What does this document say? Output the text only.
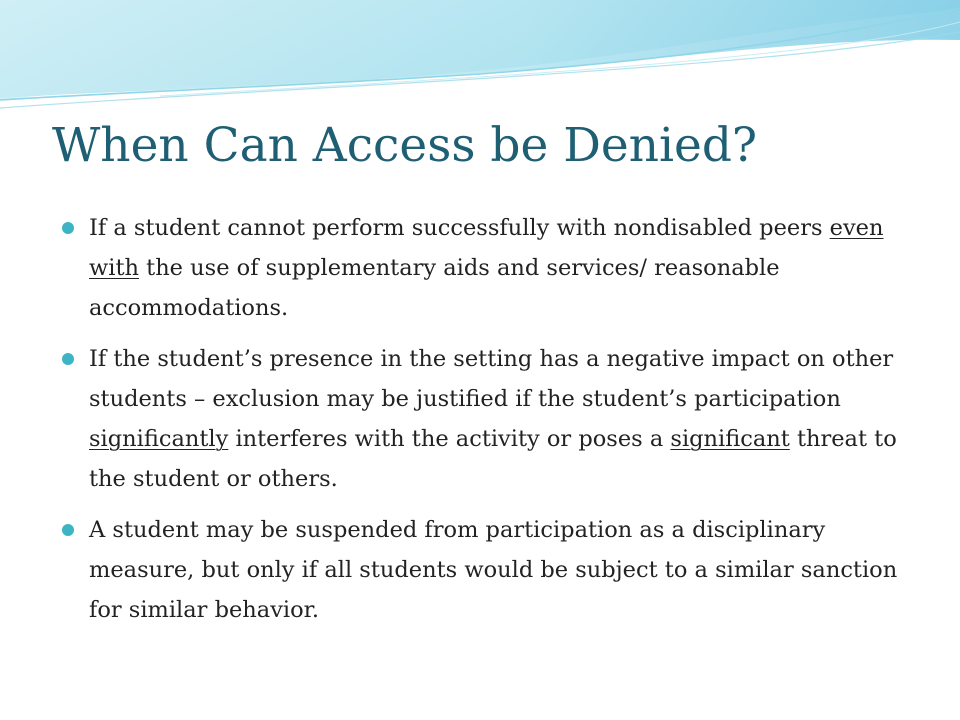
When Can Access be Denied?
If a student cannot perform successfully with nondisabled peers even with the use of supplementary aids and services/ reasonable accommodations.
If the student’s presence in the setting has a negative impact on other students – exclusion may be justified if the student’s participation significantly interferes with the activity or poses a significant threat to the student or others.
A student may be suspended from participation as a disciplinary measure, but only if all students would be subject to a similar sanction for similar behavior.
